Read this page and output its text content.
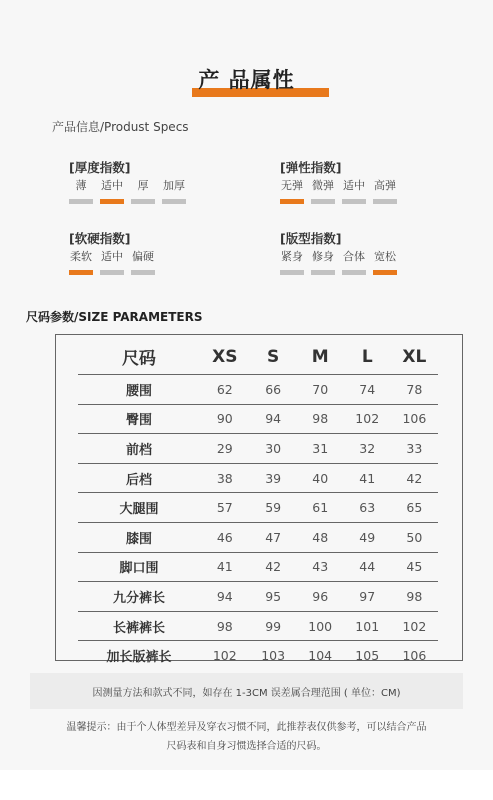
产 品属性
产品信息/Produst Specs
[厚度指数]
薄 适中 厚 加厚
[弹性指数]
无弹 微弹 适中 高弹
[软硬指数]
柔软 适中 偏硬
[版型指数]
紧身 修身 合体 宽松
尺码参数/SIZE PARAMETERS
尺码	XS	S	M	L	XL
腰围	62	66	70	74	78
臀围	90	94	98	102	106
前档	29	30	31	32	33
后档	38	39	40	41	42
大腿围	57	59	61	63	65
膝围	46	47	48	49	50
脚口围	41	42	43	44	45
九分裤长	94	95	96	97	98
长裤裤长	98	99	100	101	102
加长版裤长	102	103	104	105	106
因测量方法和款式不同，如存在 1-3CM 误差属合理范围 ( 单位：CM)
温馨提示：由于个人体型差异及穿衣习惯不同，此推荐表仅供参考，可以结合产品
尺码表和自身习惯选择合适的尺码。
